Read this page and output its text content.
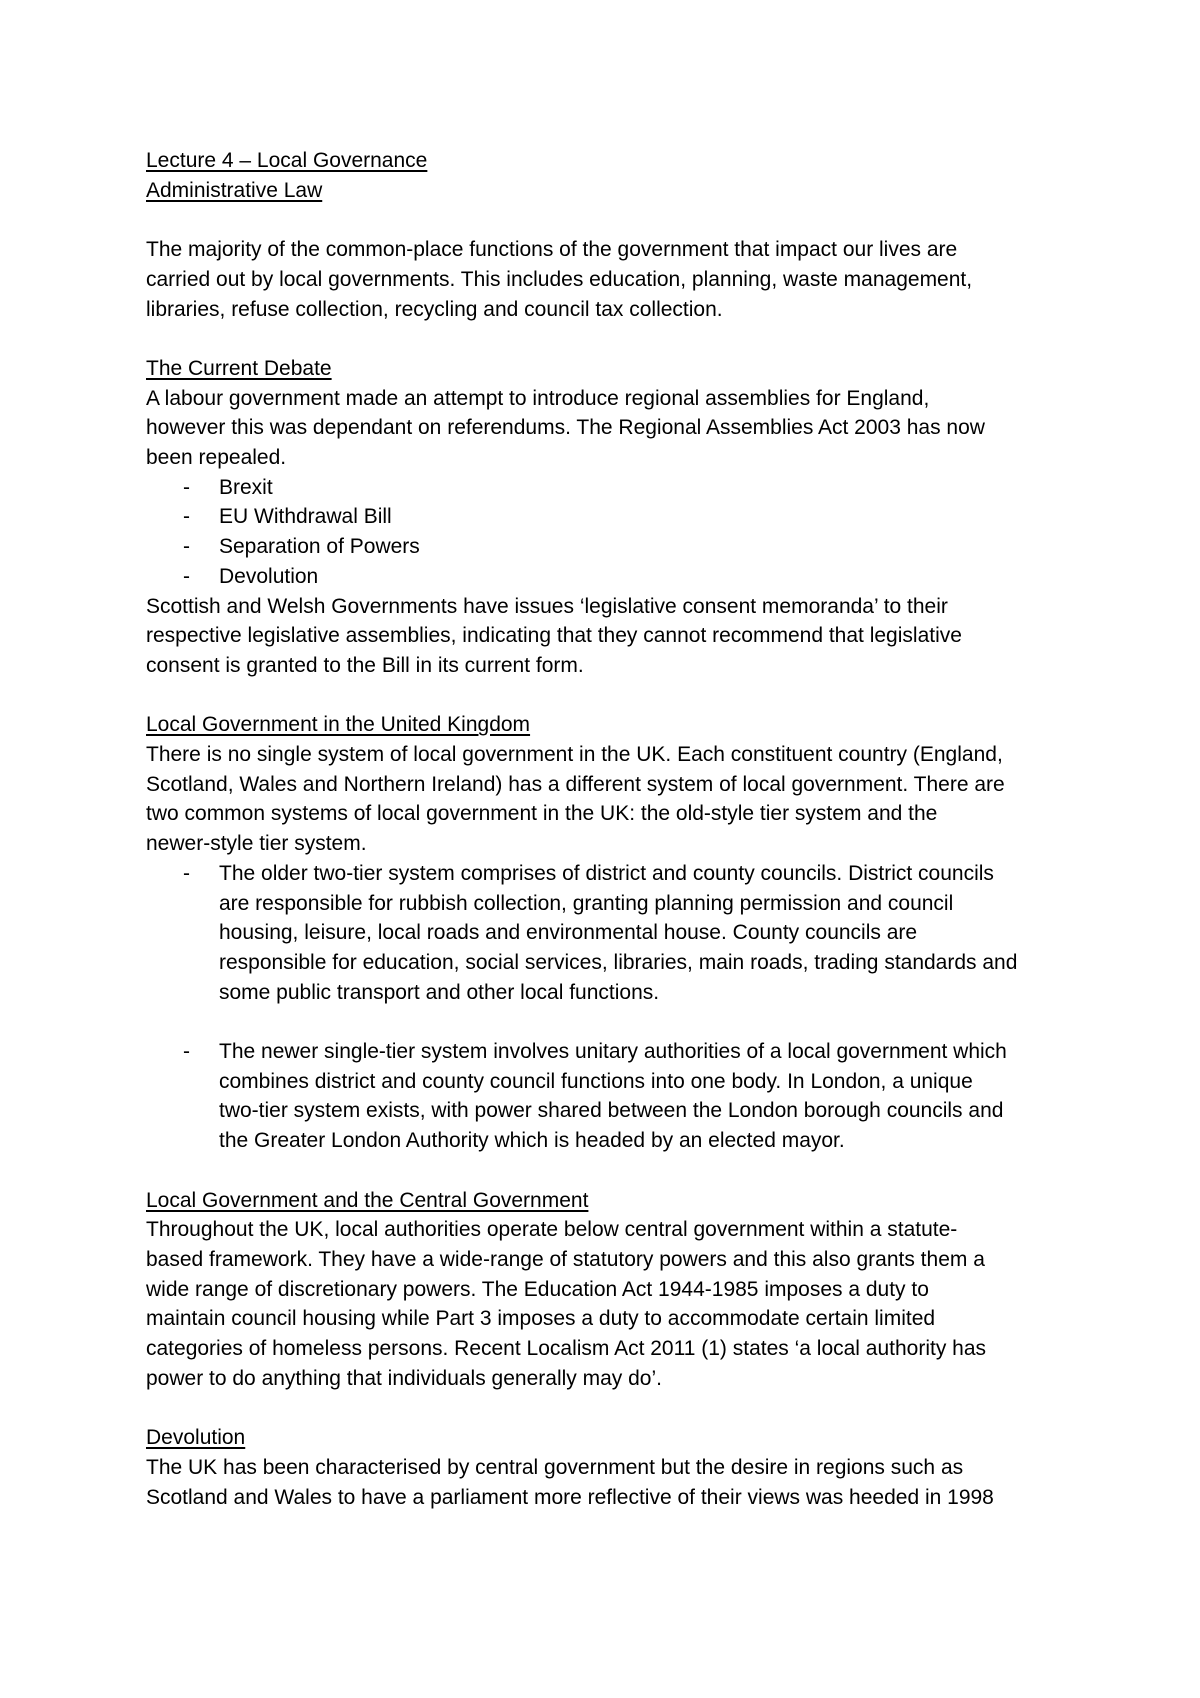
Lecture 4 – Local Governance
Administrative Law

The majority of the common-place functions of the government that impact our lives are
carried out by local governments. This includes education, planning, waste management,
libraries, refuse collection, recycling and council tax collection.

The Current Debate

A labour government made an attempt to introduce regional assemblies for England,
however this was dependant on referendums. The Regional Assemblies Act 2003 has now
been repealed.

- Brexit
- EU Withdrawal Bill
- Separation of Powers
- Devolution

Scottish and Welsh Governments have issues ‘legislative consent memoranda’ to their
respective legislative assemblies, indicating that they cannot recommend that legislative
consent is granted to the Bill in its current form.

Local Government in the United Kingdom

There is no single system of local government in the UK. Each constituent country (England,
Scotland, Wales and Northern Ireland) has a different system of local government. There are
two common systems of local government in the UK: the old-style tier system and the
newer-style tier system.

- The older two-tier system comprises of district and county councils. District councils
are responsible for rubbish collection, granting planning permission and council
housing, leisure, local roads and environmental house. County councils are
responsible for education, social services, libraries, main roads, trading standards and
some public transport and other local functions.
- The newer single-tier system involves unitary authorities of a local government which
combines district and county council functions into one body. In London, a unique
two-tier system exists, with power shared between the London borough councils and
the Greater London Authority which is headed by an elected mayor.
Local Government and the Central Government

Throughout the UK, local authorities operate below central government within a statute-
based framework. They have a wide-range of statutory powers and this also grants them a
wide range of discretionary powers. The Education Act 1944-1985 imposes a duty to
maintain council housing while Part 3 imposes a duty to accommodate certain limited
categories of homeless persons. Recent Localism Act 2011 (1) states ‘a local authority has
power to do anything that individuals generally may do’.

Devolution

The UK has been characterised by central government but the desire in regions such as
Scotland and Wales to have a parliament more reflective of their views was heeded in 1998
